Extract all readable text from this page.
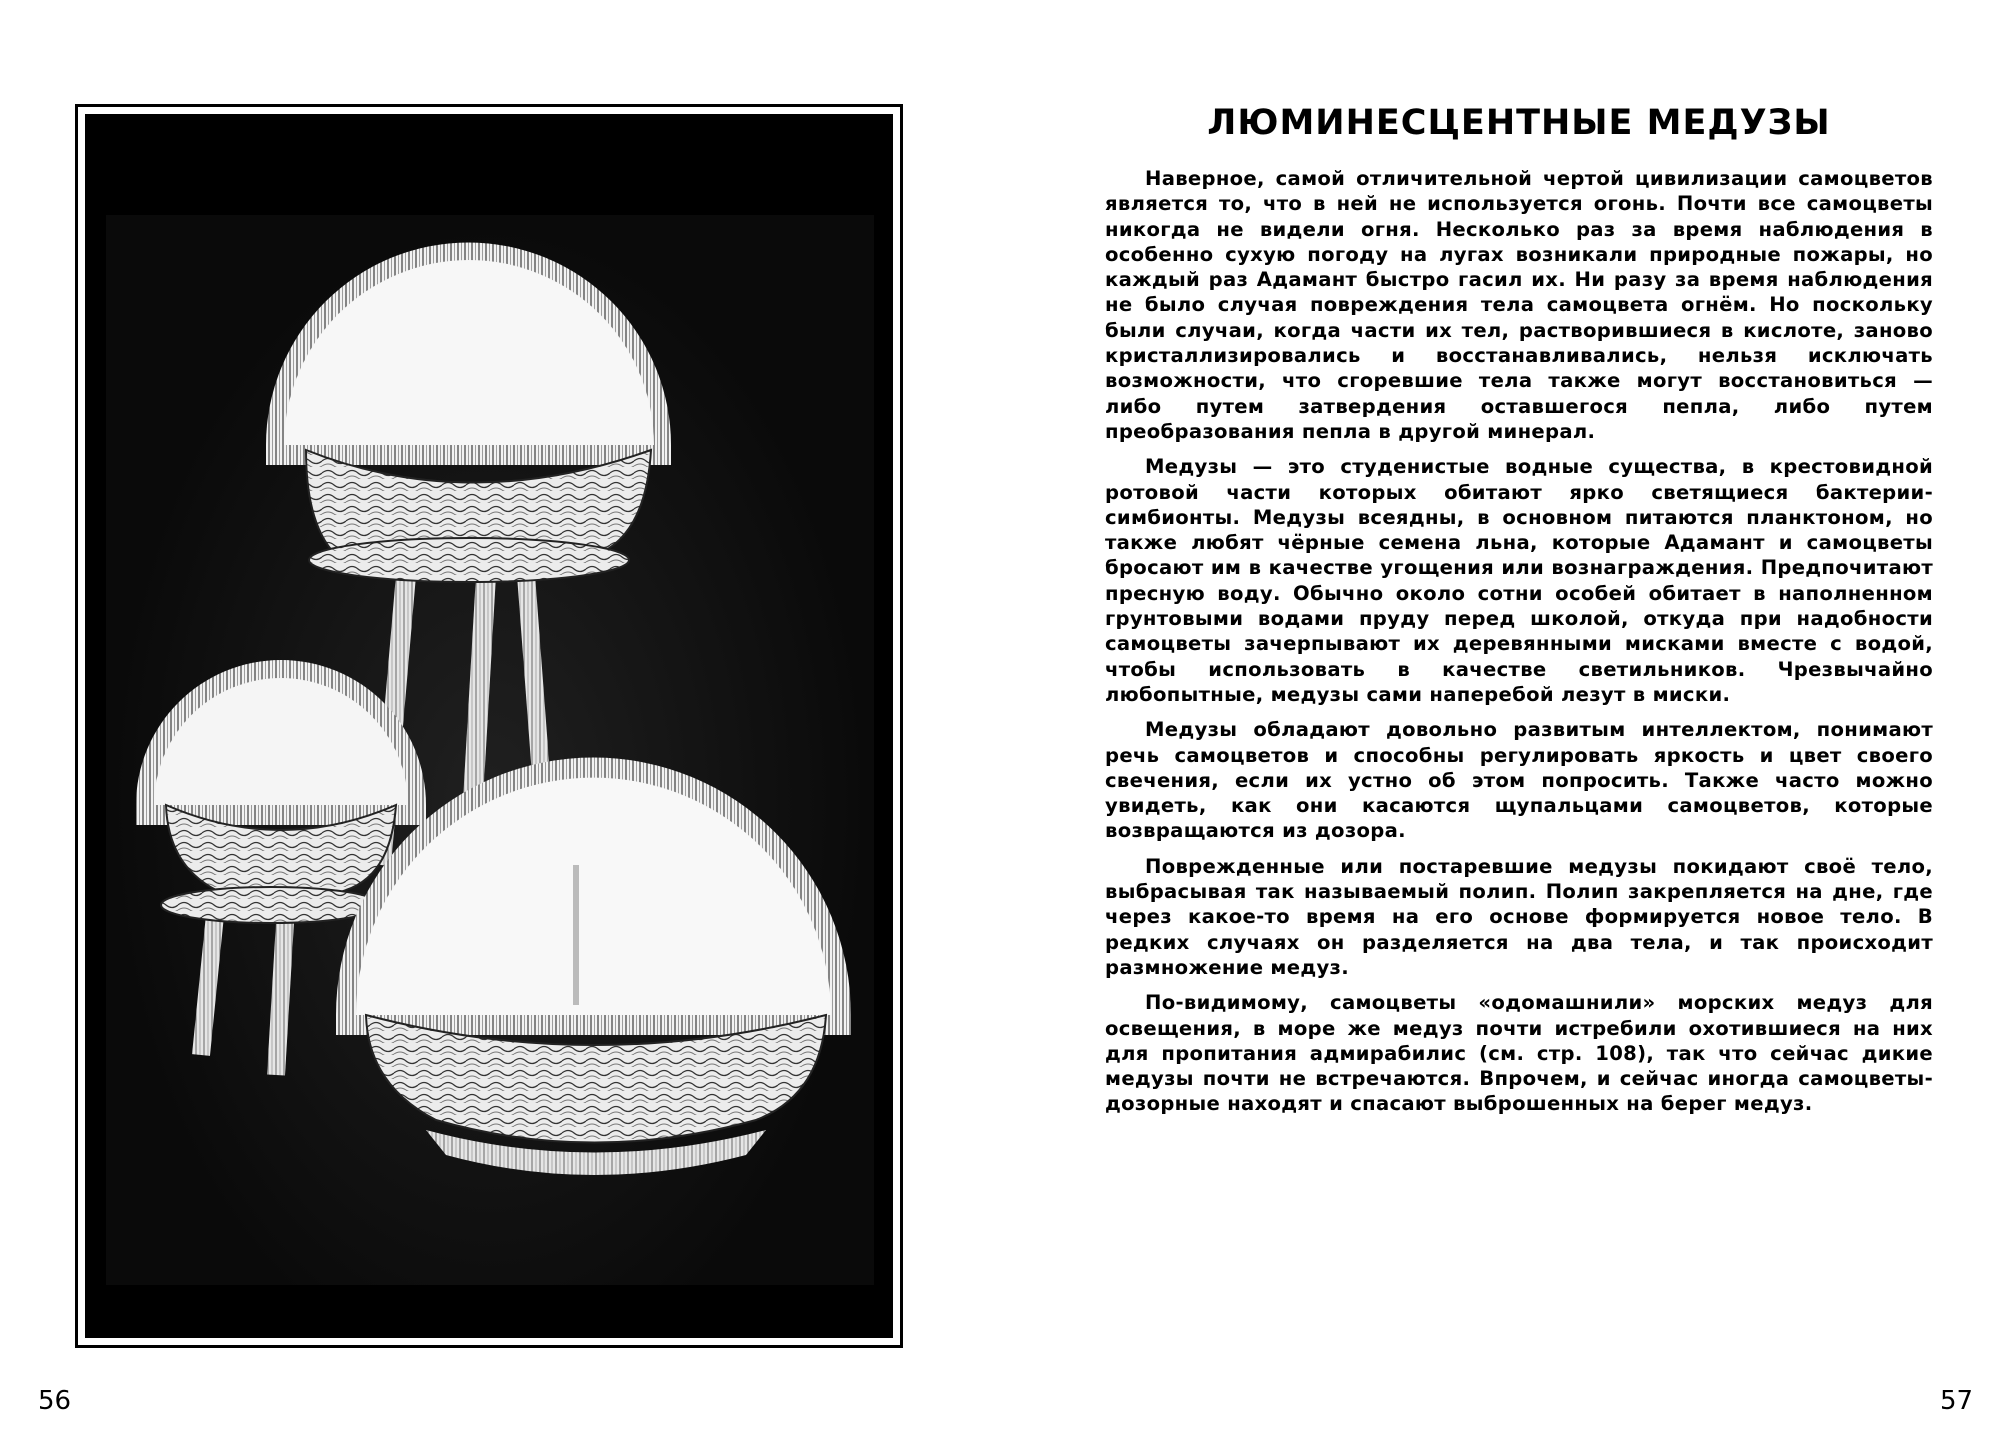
56
ЛЮМИНЕСЦЕНТНЫЕ МЕДУЗЫ

Наверное, самой отличительной чертой цивилизации самоцветов является то, что в ней не используется огонь. Почти все самоцветы никогда не видели огня. Несколько раз за время наблюдения в особенно сухую погоду на лугах возникали природные пожары, но каждый раз Адамант быстро гасил их. Ни разу за время наблюдения не было случая повреждения тела самоцвета огнём. Но поскольку были случаи, когда части их тел, растворившиеся в кислоте, заново кристаллизировались и восстанавливались, нельзя исключать возможности, что сгоревшие тела также могут восстановиться — либо путем затвердения оставшегося пепла, либо путем преобразования пепла в другой минерал.

Медузы — это студенистые водные существа, в крестовидной ротовой части которых обитают ярко светящиеся бактерии-симбионты. Медузы всеядны, в основном питаются планктоном, но также любят чёрные семена льна, которые Адамант и самоцветы бросают им в качестве угощения или вознаграждения. Предпочитают пресную воду. Обычно около сотни особей обитает в наполненном грунтовыми водами пруду перед школой, откуда при надобности самоцветы зачерпывают их деревянными мисками вместе с водой, чтобы использовать в качестве светильников. Чрезвычайно любопытные, медузы сами наперебой лезут в миски.

Медузы обладают довольно развитым интеллектом, понимают речь самоцветов и способны регулировать яркость и цвет своего свечения, если их устно об этом попросить. Также часто можно увидеть, как они касаются щупальцами самоцветов, которые возвращаются из дозора.

Поврежденные или постаревшие медузы покидают своё тело, выбрасывая так называемый полип. Полип закрепляется на дне, где через какое-то время на его основе формируется новое тело. В редких случаях он разделяется на два тела, и так происходит размножение медуз.

По-видимому, самоцветы «одомашнили» морских медуз для освещения, в море же медуз почти истребили охотившиеся на них для пропитания адмирабилис (см. стр. 108), так что сейчас дикие медузы почти не встречаются. Впрочем, и сейчас иногда самоцветы-дозорные находят и спасают выброшенных на берег медуз.

57
